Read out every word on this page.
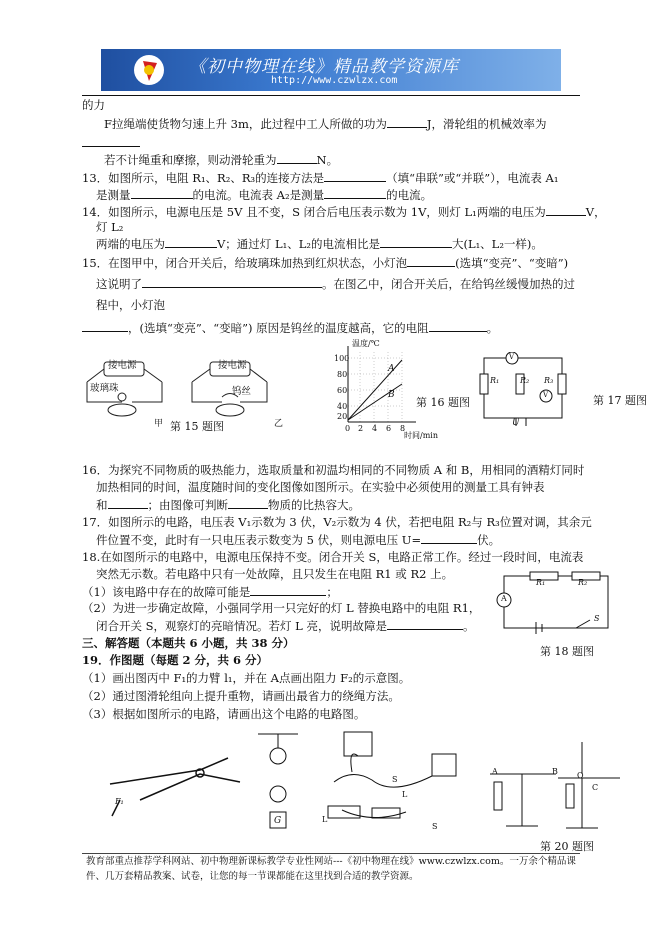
《初中物理在线》精品教学资源库
http://www.czwlzx.com
的力
F拉绳端使货物匀速上升 3m，此过程中工人所做的功为	J，滑轮组的机械效率为
若不计绳重和摩擦，则动滑轮重为	N。
13．如图所示，电阻 R₁、R₂、R₃的连接方法是	（填“串联”或“并联”），电流表 A₁
是测量	的电流。电流表 A₂是测量	的电流。
14．如图所示，电源电压是 5V 且不变，S 闭合后电压表示数为 1V，则灯 L₁两端的电压为	V，
灯 L₂
两端的电压为	V；通过灯 L₁、L₂的电流相比是	大(L₁、L₂一样)。
15．在图甲中，闭合开关后，给玻璃珠加热到红炽状态，小灯泡	(选填“变亮”、“变暗”)
这说明了	。在图乙中，闭合开关后，在给钨丝缓慢加热的过
程中，小灯泡
，(选填“变亮”、“变暗”) 原因是钨丝的温度越高，它的电阻	。
接电源	接电源
玻璃珠	钨丝
甲	乙
第 15 题图
温度/℃
100
80
60
40
20
0 2 4 6 8
时间/min
A
B
第 16 题图
R₁	R₂ R₃
V
V
U
第 17 题图
16．为探究不同物质的吸热能力，选取质量和初温均相同的不同物质 A 和 B，用相同的酒精灯同时
加热相同的时间，温度随时间的变化图像如图所示。在实验中必须使用的测量工具有钟表
和	；由图像可判断	物质的比热容大。
17．如图所示的电路，电压表 V₁示数为 3 伏，V₂示数为 4 伏，若把电阻 R₂与 R₃位置对调，其余元
件位置不变，此时有一只电压表示数变为 5 伏，则电源电压 U=	伏。
18.在如图所示的电路中，电源电压保持不变。闭合开关 S，电路正常工作。经过一段时间，电流表
突然无示数。若电路中只有一处故障，且只发生在电阻 R1 或 R2 上。
（1）该电路中存在的故障可能是	；
（2）为进一步确定故障，小强同学用一只完好的灯 L 替换电路中的电阻 R1，
闭合开关 S，观察灯的亮暗情况。若灯 L 亮，说明故障是	。
R₁	R₂
A
S
第 18 题图
三、解答题（本题共 6 小题，共 38 分）
19．作图题（每题 2 分，共 6 分）
（1）画出图丙中 F₁的力臂 l₁，并在 A点画出阻力 F₂的示意图。
（2）通过图滑轮组向上提升重物，请画出最省力的绕绳方法。
（3）根据如图所示的电路，请画出这个电路的电路图。
F₁
G	L
L
S
S
A	B
C
O
第 20 题图
教育部重点推荐学科网站、初中物理新课标教学专业性网站---《初中物理在线》www.czwlzx.com。一万余个精品课
件、几万套精品教案、试卷，让您的每一节课都能在这里找到合适的教学资源。
